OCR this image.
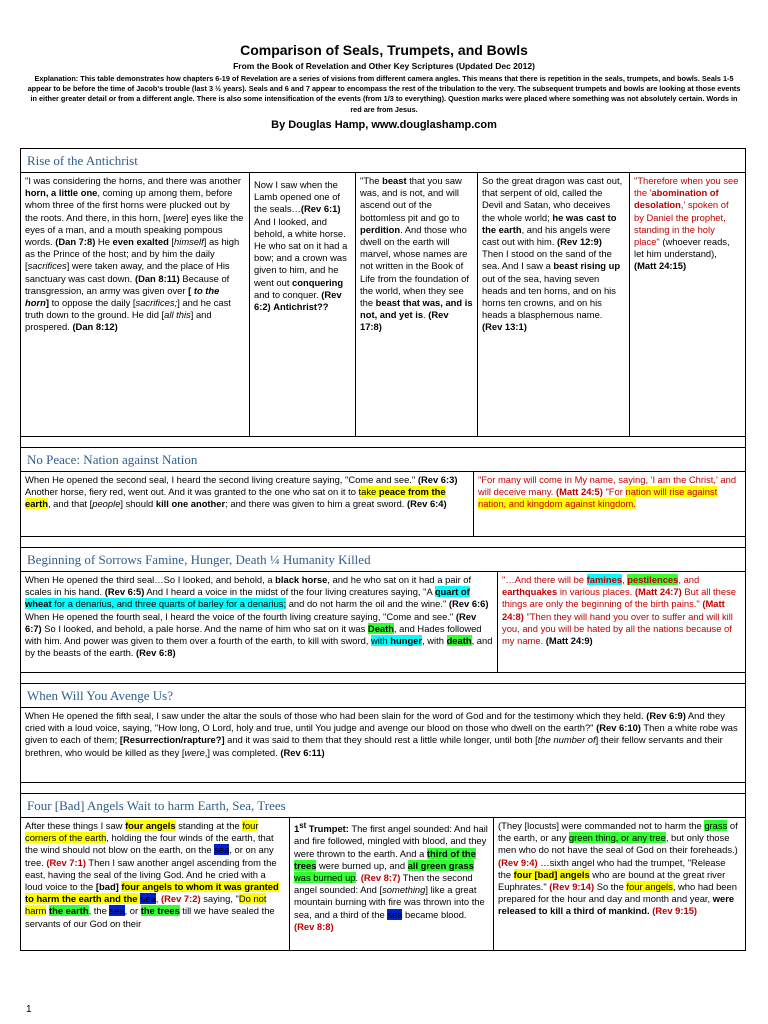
Comparison of Seals, Trumpets, and Bowls
From the Book of Revelation and Other Key Scriptures (Updated Dec 2012)
Explanation: This table demonstrates how chapters 6-19 of Revelation are a series of visions from different camera angles. This means that there is repetition in the seals, trumpets, and bowls. Seals 1-5 appear to be before the time of Jacob's trouble (last 3 ½ years). Seals and 6 and 7 appear to encompass the rest of the tribulation to the very. The subsequent trumpets and bowls are looking at those events in either greater detail or from a different angle. There is also some intensification of the events (from 1/3 to everything). Question marks were placed where something was not absolutely certain. Words in red are from Jesus.
By Douglas Hamp, www.douglashamp.com
Rise of the Antichrist
"I was considering the horns, and there was another horn, a little one, coming up among them, before whom three of the first horns were plucked out by the roots. And there, in this horn, [were] eyes like the eyes of a man, and a mouth speaking pompous words. (Dan 7:8) He even exalted [himself] as high as the Prince of the host; and by him the daily [sacrifices] were taken away, and the place of His sanctuary was cast down. (Dan 8:11) Because of transgression, an army was given over [ to the horn] to oppose the daily [sacrifices;] and he cast truth down to the ground. He did [all this] and prospered. (Dan 8:12)
Now I saw when the Lamb opened one of the seals…(Rev 6:1) And I looked, and behold, a white horse. He who sat on it had a bow; and a crown was given to him, and he went out conquering and to conquer. (Rev 6:2) Antichrist??
"The beast that you saw was, and is not, and will ascend out of the bottomless pit and go to perdition. And those who dwell on the earth will marvel, whose names are not written in the Book of Life from the foundation of the world, when they see the beast that was, and is not, and yet is. (Rev 17:8)
So the great dragon was cast out, that serpent of old, called the Devil and Satan, who deceives the whole world; he was cast to the earth, and his angels were cast out with him. (Rev 12:9) Then I stood on the sand of the sea. And I saw a beast rising up out of the sea, having seven heads and ten horns, and on his horns ten crowns, and on his heads a blasphemous name. (Rev 13:1)
"Therefore when you see the 'abomination of desolation,' spoken of by Daniel the prophet, standing in the holy place" (whoever reads, let him understand), (Matt 24:15)
No Peace: Nation against Nation
When He opened the second seal, I heard the second living creature saying, "Come and see." (Rev 6:3) Another horse, fiery red, went out. And it was granted to the one who sat on it to take peace from the earth, and that [people] should kill one another; and there was given to him a great sword. (Rev 6:4)
"For many will come in My name, saying, 'I am the Christ,' and will deceive many. (Matt 24:5) "For nation will rise against nation, and kingdom against kingdom.
Beginning of Sorrows Famine, Hunger, Death ¼ Humanity Killed
When He opened the third seal…So I looked, and behold, a black horse, and he who sat on it had a pair of scales in his hand. (Rev 6:5) And I heard a voice in the midst of the four living creatures saying, "A quart of wheat for a denarius, and three quarts of barley for a denarius; and do not harm the oil and the wine." (Rev 6:6) When He opened the fourth seal, I heard the voice of the fourth living creature saying, "Come and see." (Rev 6:7) So I looked, and behold, a pale horse. And the name of him who sat on it was Death, and Hades followed with him. And power was given to them over a fourth of the earth, to kill with sword, with hunger, with death, and by the beasts of the earth. (Rev 6:8)
"…And there will be famines, pestilences, and earthquakes in various places. (Matt 24:7) But all these things are only the beginning of the birth pains." (Matt 24:8) "Then they will hand you over to suffer and will kill you, and you will be hated by all the nations because of my name. (Matt 24:9)
When Will You Avenge Us?
When He opened the fifth seal, I saw under the altar the souls of those who had been slain for the word of God and for the testimony which they held. (Rev 6:9) And they cried with a loud voice, saying, "How long, O Lord, holy and true, until You judge and avenge our blood on those who dwell on the earth?" (Rev 6:10) Then a white robe was given to each of them; [Resurrection/rapture?] and it was said to them that they should rest a little while longer, until both [the number of] their fellow servants and their brethren, who would be killed as they [were,] was completed. (Rev 6:11)
Four [Bad] Angels Wait to harm Earth, Sea, Trees
After these things I saw four angels standing at the four corners of the earth, holding the four winds of the earth, that the wind should not blow on the earth, on the sea, or on any tree. (Rev 7:1) Then I saw another angel ascending from the east, having the seal of the living God. And he cried with a loud voice to the [bad] four angels to whom it was granted to harm the earth and the sea, (Rev 7:2) saying, "Do not harm the earth, the sea, or the trees till we have sealed the servants of our God on their
1st Trumpet: The first angel sounded: And hail and fire followed, mingled with blood, and they were thrown to the earth. And a third of the trees were burned up, and all green grass was burned up. (Rev 8:7) Then the second angel sounded: And [something] like a great mountain burning with fire was thrown into the sea, and a third of the sea became blood. (Rev 8:8)
(They [locusts] were commanded not to harm the grass of the earth, or any green thing, or any tree, but only those men who do not have the seal of God on their foreheads.) (Rev 9:4) …sixth angel who had the trumpet, "Release the four [bad] angels who are bound at the great river Euphrates." (Rev 9:14) So the four angels, who had been prepared for the hour and day and month and year, were released to kill a third of mankind. (Rev 9:15)
1
